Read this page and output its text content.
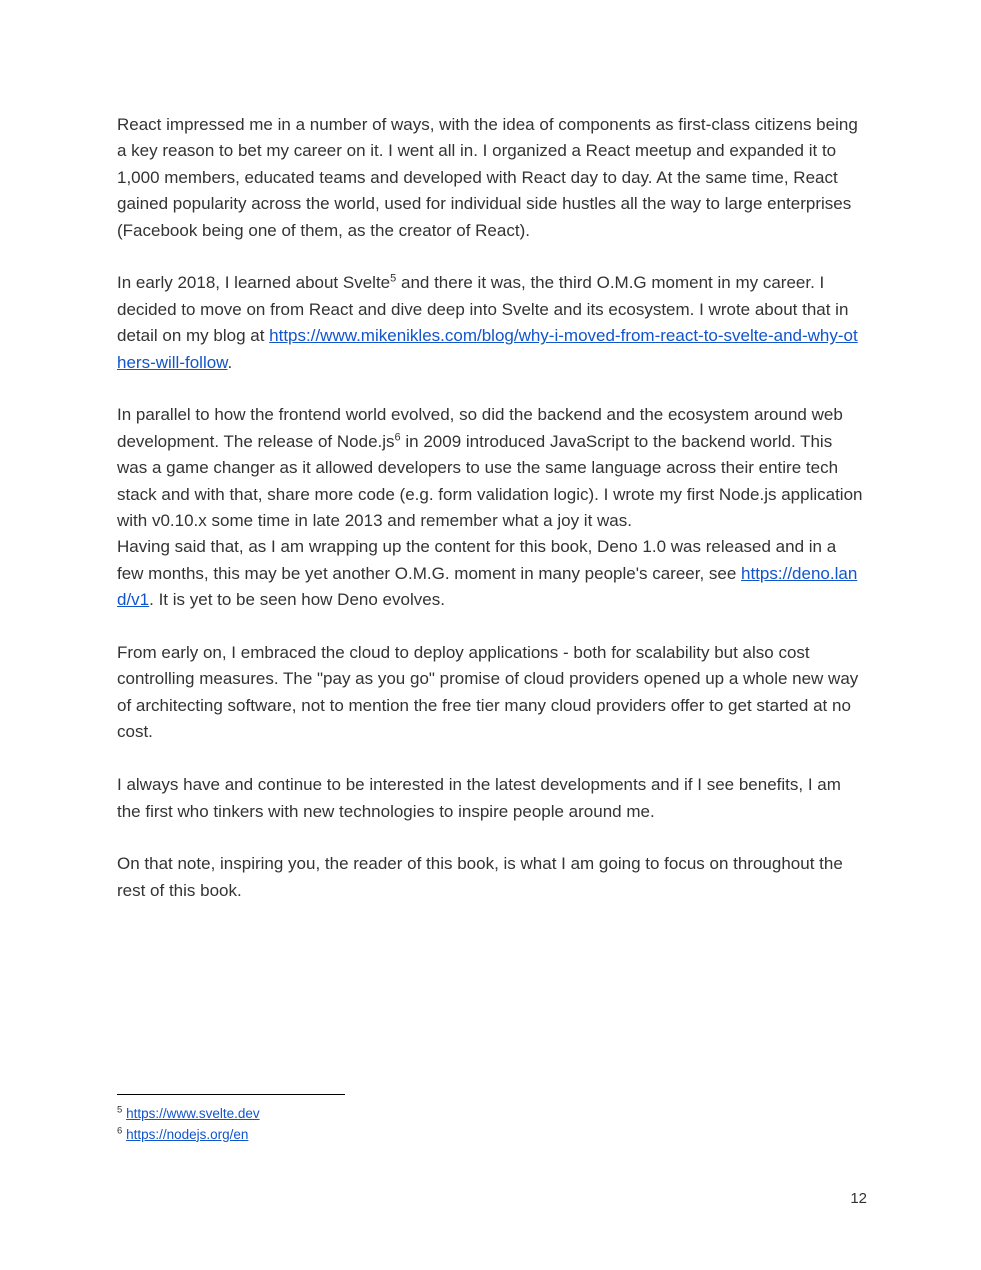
React impressed me in a number of ways, with the idea of components as first-class citizens being a key reason to bet my career on it. I went all in. I organized a React meetup and expanded it to 1,000 members, educated teams and developed with React day to day. At the same time, React gained popularity across the world, used for individual side hustles all the way to large enterprises (Facebook being one of them, as the creator of React).

In early 2018, I learned about Svelte$^5$ and there it was, the third O.M.G moment in my career. I decided to move on from React and dive deep into Svelte and its ecosystem. I wrote about that in detail on my blog at https://www.mikenikles.com/blog/why-i-moved-from-react-to-svelte-and-why-others-will-follow.

In parallel to how the frontend world evolved, so did the backend and the ecosystem around web development. The release of Node.js$^6$ in 2009 introduced JavaScript to the backend world. This was a game changer as it allowed developers to use the same language across their entire tech stack and with that, share more code (e.g. form validation logic). I wrote my first Node.js application with v0.10.x some time in late 2013 and remember what a joy it was.
Having said that, as I am wrapping up the content for this book, Deno 1.0 was released and in a few months, this may be yet another O.M.G. moment in many people's career, see https://deno.land/v1. It is yet to be seen how Deno evolves.

From early on, I embraced the cloud to deploy applications - both for scalability but also cost controlling measures. The "pay as you go" promise of cloud providers opened up a whole new way of architecting software, not to mention the free tier many cloud providers offer to get started at no cost.

I always have and continue to be interested in the latest developments and if I see benefits, I am the first who tinkers with new technologies to inspire people around me.

On that note, inspiring you, the reader of this book, is what I am going to focus on throughout the rest of this book.

$^5$ https://www.svelte.dev
$^6$ https://nodejs.org/en
12
